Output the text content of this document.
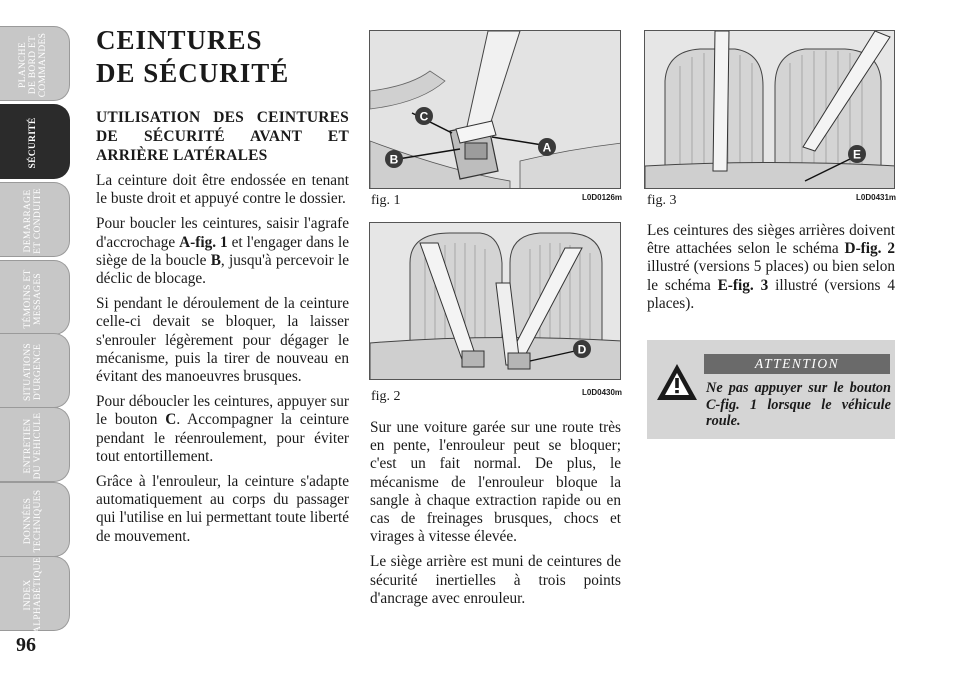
PLANCHE
DE BORD ET
COMMANDES
SÉCURITÉ
DEMARRAGE
ET CONDUITE
TÉMOINS ET
MESSAGES
SITUATIONS
D'URGENCE
ENTRETIEN
DU VEHICULE
DONNÉES
TECHNIQUES
INDEX
ALPHABÉTIQUE
96
CEINTURES
DE SÉCURITÉ
UTILISATION DES CEINTURES DE SÉCURITÉ AVANT ET ARRIÈRE LATÉRALES

La ceinture doit être endossée en tenant le buste droit et appuyé contre le dossier.

Pour boucler les ceintures, saisir l'agrafe d'accrochage A-fig. 1 et l'engager dans le siège de la boucle B, jusqu'à percevoir le déclic de blocage.

Si pendant le déroulement de la ceinture celle-ci devait se bloquer, la laisser s'enrouler légèrement pour dégager le mécanisme, puis la tirer de nouveau en évitant des manoeuvres brusques.

Pour déboucler les ceintures, appuyer sur le bouton C. Accompagner la ceinture pendant le réenroulement, pour éviter tout entortillement.

Grâce à l'enrouleur, la ceinture s'adapte automatiquement au corps du passager qui l'utilise en lui permettant toute liberté de mouvement.

C
A
B
fig. 1	L0D0126m
D
fig. 2	L0D0430m

Sur une voiture garée sur une route très en pente, l'enrouleur peut se bloquer; c'est un fait normal. De plus, le mécanisme de l'enrouleur bloque la sangle à chaque extraction rapide ou en cas de freinages brusques, chocs et virages à vitesse élevée.

Le siège arrière est muni de ceintures de sécurité inertielles à trois points d'ancrage avec enrouleur.

E
fig. 3	L0D0431m

Les ceintures des sièges arrières doivent être attachées selon le schéma D-fig. 2 illustré (versions 5 places) ou bien selon le schéma E-fig. 3 illustré (versions 4 places).

ATTENTION
Ne pas appuyer sur le bouton C-fig. 1 lorsque le véhicule roule.
